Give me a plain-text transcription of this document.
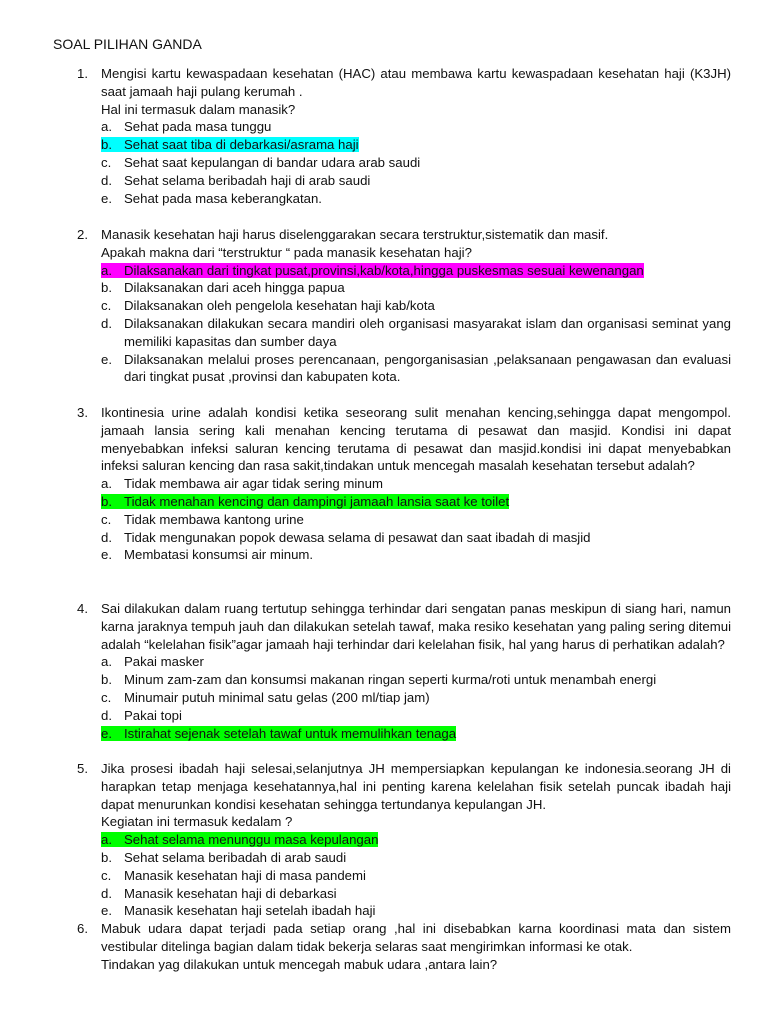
SOAL PILIHAN GANDA
1. Mengisi kartu kewaspadaan kesehatan (HAC) atau membawa kartu kewaspadaan kesehatan haji (K3JH) saat jamaah haji pulang kerumah .
Hal ini termasuk dalam manasik?
a. Sehat pada masa tunggu
b. Sehat saat tiba di debarkasi/asrama haji
c. Sehat saat kepulangan di bandar udara arab saudi
d. Sehat selama beribadah haji di arab saudi
e. Sehat pada masa keberangkatan.
2. Manasik kesehatan haji harus diselenggarakan secara terstruktur,sistematik dan masif.
Apakah makna dari “terstruktur “ pada manasik kesehatan haji?
a. Dilaksanakan dari tingkat pusat,provinsi,kab/kota,hingga puskesmas sesuai kewenangan
b. Dilaksanakan dari aceh hingga papua
c. Dilaksanakan oleh pengelola kesehatan haji kab/kota
d. Dilaksanakan dilakukan secara mandiri oleh organisasi masyarakat islam dan organisasi seminat yang memiliki kapasitas dan sumber daya
e. Dilaksanakan melalui proses perencanaan, pengorganisasian ,pelaksanaan pengawasan dan evaluasi dari tingkat pusat ,provinsi dan kabupaten kota.
3. Ikontinesia urine adalah kondisi ketika seseorang sulit menahan kencing,sehingga dapat mengompol. jamaah lansia sering kali menahan kencing terutama di pesawat dan masjid. Kondisi ini dapat menyebabkan infeksi saluran kencing terutama di pesawat dan masjid.kondisi ini dapat menyebabkan infeksi saluran kencing dan rasa sakit,tindakan untuk mencegah masalah kesehatan tersebut adalah?
a. Tidak membawa air agar tidak sering minum
b. Tidak menahan kencing dan dampingi jamaah lansia saat ke toilet
c. Tidak membawa kantong urine
d. Tidak mengunakan popok dewasa selama di pesawat dan saat ibadah di masjid
e. Membatasi konsumsi air minum.
4. Sai dilakukan dalam ruang tertutup sehingga terhindar dari sengatan panas meskipun di siang hari, namun karna jaraknya tempuh jauh dan dilakukan setelah tawaf, maka resiko kesehatan yang paling sering ditemui adalah “kelelahan fisik”agar jamaah haji terhindar dari kelelahan fisik, hal yang harus di perhatikan adalah?
a. Pakai masker
b. Minum zam-zam dan konsumsi makanan ringan seperti kurma/roti untuk menambah energi
c. Minumair putuh minimal satu gelas (200 ml/tiap jam)
d. Pakai topi
e. Istirahat sejenak setelah tawaf untuk memulihkan tenaga
5. Jika prosesi ibadah haji selesai,selanjutnya JH mempersiapkan kepulangan ke indonesia.seorang JH di harapkan tetap menjaga kesehatannya,hal ini penting karena kelelahan fisik setelah puncak ibadah haji dapat menurunkan kondisi kesehatan sehingga tertundanya kepulangan JH.
Kegiatan ini termasuk kedalam ?
a. Sehat selama menunggu masa kepulangan
b. Sehat selama beribadah di arab saudi
c. Manasik kesehatan haji di masa pandemi
d. Manasik kesehatan haji di debarkasi
e. Manasik kesehatan haji setelah ibadah haji
6. Mabuk udara dapat terjadi pada setiap orang ,hal ini disebabkan karna koordinasi mata dan sistem vestibular ditelinga bagian dalam tidak bekerja selaras saat mengirimkan informasi ke otak.
Tindakan yag dilakukan untuk mencegah mabuk udara ,antara lain?
